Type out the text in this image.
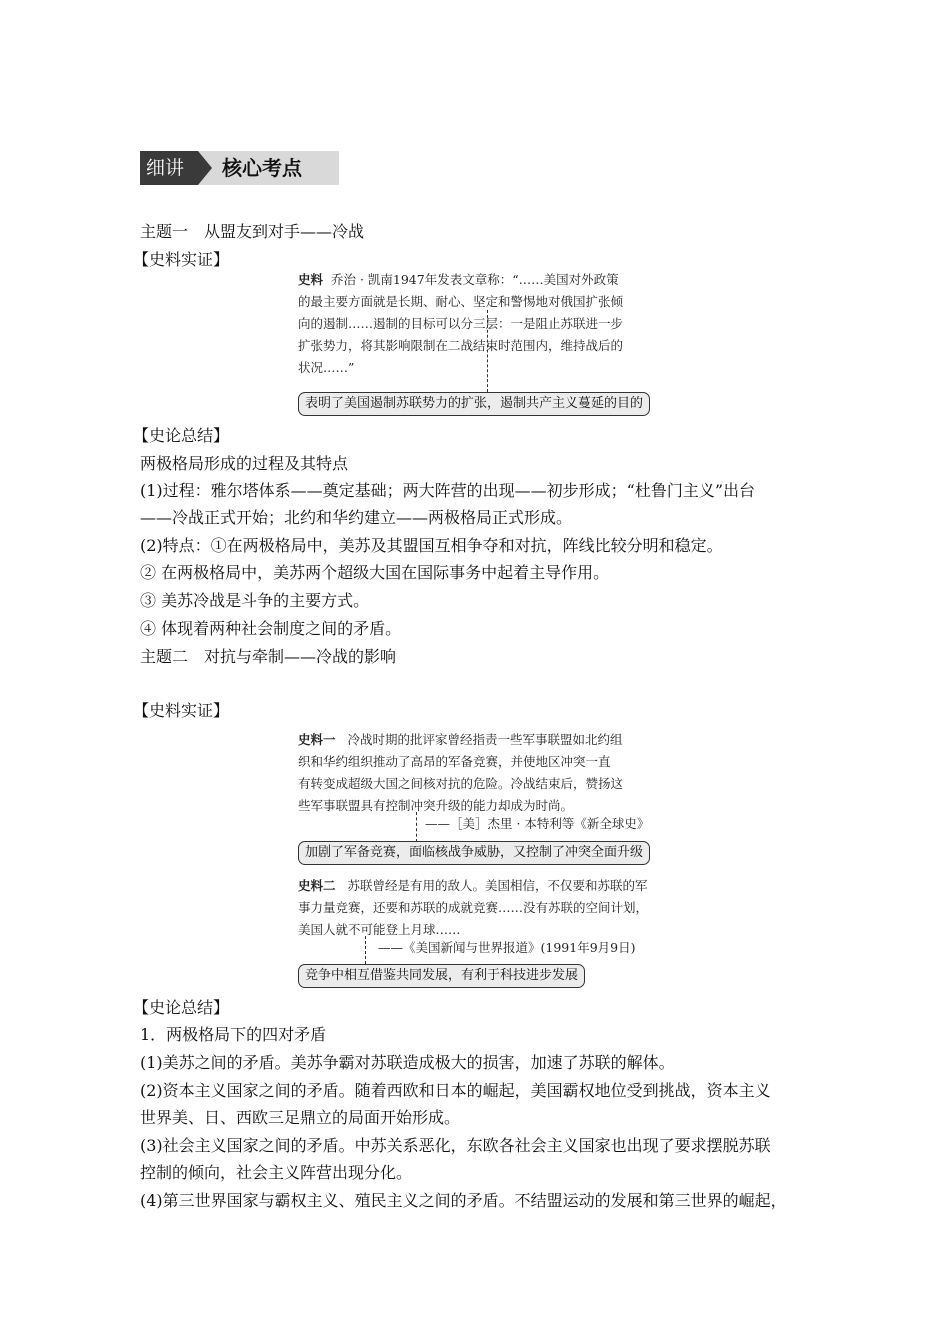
细讲	核心考点
主题一　从盟友到对手——冷战
【史料实证】
史料 乔治 · 凯南1947年发表文章称：“……美国对外政策
的最主要方面就是长期、耐心、坚定和警惕地对俄国扩张倾
向的遏制……遏制的目标可以分三层：一是阻止苏联进一步
扩张势力，将其影响限制在二战结束时范围内，维持战后的
状况……”
表明了美国遏制苏联势力的扩张，遏制共产主义蔓延的目的
【史论总结】
两极格局形成的过程及其特点
(1)过程：雅尔塔体系——奠定基础；两大阵营的出现——初步形成；“杜鲁门主义”出台
——冷战正式开始；北约和华约建立——两极格局正式形成。
(2)特点：①在两极格局中，美苏及其盟国互相争夺和对抗，阵线比较分明和稳定。
② 在两极格局中，美苏两个超级大国在国际事务中起着主导作用。
③ 美苏冷战是斗争的主要方式。
④ 体现着两种社会制度之间的矛盾。
主题二　对抗与牵制——冷战的影响
【史料实证】
史料一 冷战时期的批评家曾经指责一些军事联盟如北约组
织和华约组织推动了高昂的军备竞赛，并使地区冲突一直
有转变成超级大国之间核对抗的危险。冷战结束后，赞扬这
些军事联盟具有控制冲突升级的能力却成为时尚。
——［美］杰里 · 本特利等《新全球史》
加剧了军备竞赛，面临核战争威胁，又控制了冲突全面升级
史料二 苏联曾经是有用的敌人。美国相信，不仅要和苏联的军
事力量竞赛，还要和苏联的成就竞赛……没有苏联的空间计划，
美国人就不可能登上月球……
——《美国新闻与世界报道》(1991年9月9日)
竞争中相互借鉴共同发展，有利于科技进步发展
【史论总结】
1．两极格局下的四对矛盾
(1)美苏之间的矛盾。美苏争霸对苏联造成极大的损害，加速了苏联的解体。
(2)资本主义国家之间的矛盾。随着西欧和日本的崛起，美国霸权地位受到挑战，资本主义
世界美、日、西欧三足鼎立的局面开始形成。
(3)社会主义国家之间的矛盾。中苏关系恶化，东欧各社会主义国家也出现了要求摆脱苏联
控制的倾向，社会主义阵营出现分化。
(4)第三世界国家与霸权主义、殖民主义之间的矛盾。不结盟运动的发展和第三世界的崛起，
